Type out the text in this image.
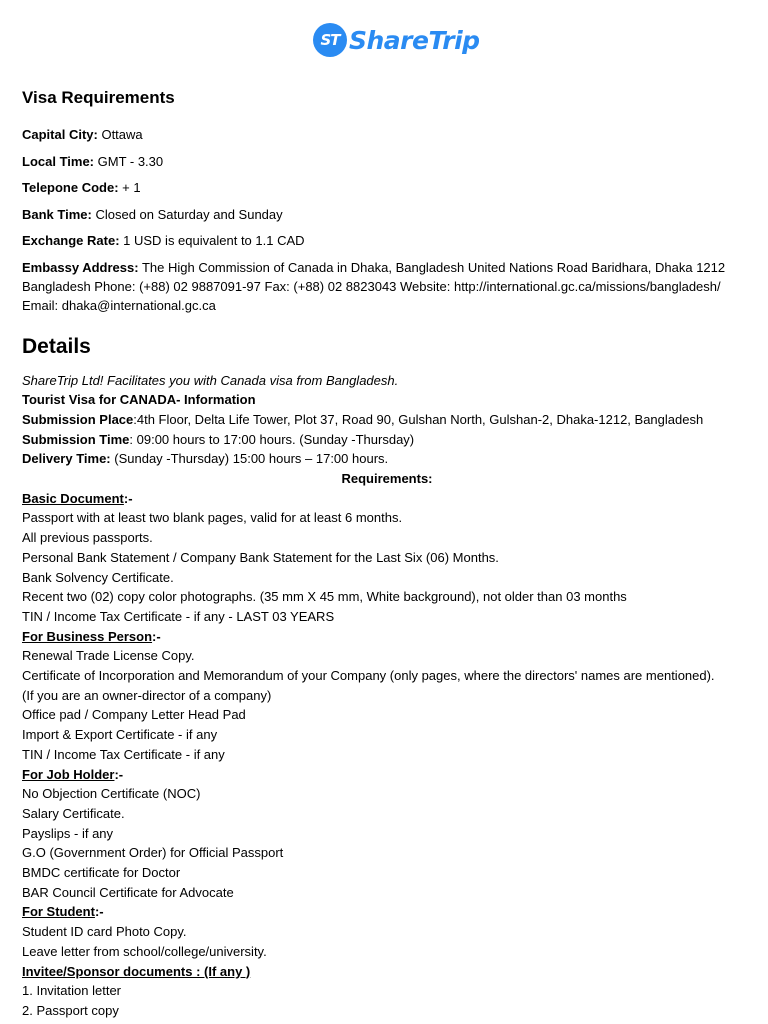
ST ShareTrip
Visa Requirements
Capital City: Ottawa
Local Time: GMT - 3.30
Telepone Code: + 1
Bank Time: Closed on Saturday and Sunday
Exchange Rate: 1 USD is equivalent to 1.1 CAD
Embassy Address: The High Commission of Canada in Dhaka, Bangladesh United Nations Road Baridhara, Dhaka 1212 Bangladesh Phone: (+88) 02 9887091-97 Fax: (+88) 02 8823043 Website: http://international.gc.ca/missions/bangladesh/ Email: dhaka@international.gc.ca
Details
ShareTrip Ltd! Facilitates you with Canada visa from Bangladesh.
Tourist Visa for CANADA- Information
Submission Place:4th Floor, Delta Life Tower, Plot 37, Road 90, Gulshan North, Gulshan-2, Dhaka-1212, Bangladesh
Submission Time: 09:00 hours to 17:00 hours. (Sunday -Thursday)
Delivery Time: (Sunday -Thursday) 15:00 hours – 17:00 hours.
Requirements:
Basic Document:-
Passport with at least two blank pages, valid for at least 6 months.
All previous passports.
Personal Bank Statement / Company Bank Statement for the Last Six (06) Months.
Bank Solvency Certificate.
Recent two (02) copy color photographs. (35 mm X 45 mm, White background), not older than 03 months
TIN / Income Tax Certificate - if any - LAST 03 YEARS
For Business Person:-
Renewal Trade License Copy.
Certificate of Incorporation and Memorandum of your Company (only pages, where the directors' names are mentioned).
(If you are an owner-director of a company)
Office pad / Company Letter Head Pad
Import & Export Certificate - if any
TIN / Income Tax Certificate - if any
For Job Holder:-
No Objection Certificate (NOC)
Salary Certificate.
Payslips - if any
G.O (Government Order) for Official Passport
BMDC certificate for Doctor
BAR Council Certificate for Advocate
For Student:-
Student ID card Photo Copy.
Leave letter from school/college/university.
Invitee/Sponsor documents : (If any )
1. Invitation letter
2. Passport copy
